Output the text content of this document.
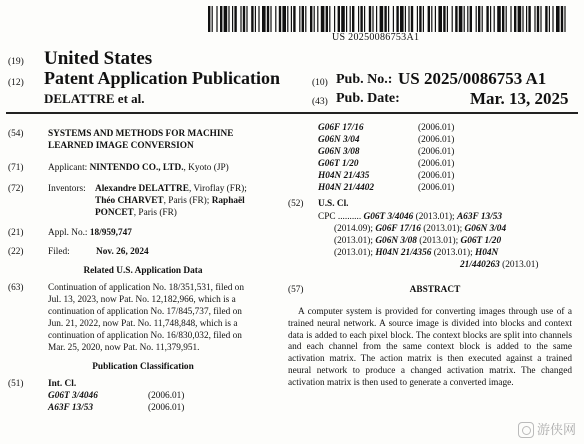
US 20250086753A1
(19) United States
(12) Patent Application Publication
DELATTRE et al.
(10) Pub. No.: US 2025/0086753 A1
(43) Pub. Date:	Mar. 13, 2025
(54)	SYSTEMS AND METHODS FOR MACHINE
LEARNED IMAGE CONVERSION
(71)	Applicant: NINTENDO CO., LTD., Kyoto (JP)
(72)	Inventors: Alexandre DELATTRE, Viroflay (FR);
Théo CHARVET, Paris (FR); Raphaël
PONCET, Paris (FR)
(21)	Appl. No.: 18/959,747
(22)	Filed:	Nov. 26, 2024
Related U.S. Application Data
(63)	Continuation of application No. 18/351,531, filed on
Jul. 13, 2023, now Pat. No. 12,182,966, which is a
continuation of application No. 17/845,737, filed on
Jun. 21, 2022, now Pat. No. 11,748,848, which is a
continuation of application No. 16/830,032, filed on
Mar. 25, 2020, now Pat. No. 11,379,951.
Publication Classification
(51)	Int. Cl.
G06T 3/4046	(2006.01)
A63F 13/53	(2006.01)
G06F 17/16	(2006.01)
G06N 3/04	(2006.01)
G06N 3/08	(2006.01)
G06T 1/20	(2006.01)
H04N 21/435	(2006.01)
H04N 21/4402	(2006.01)
(52) U.S. Cl.
CPC .......... G06T 3/4046 (2013.01); A63F 13/53
(2014.09); G06F 17/16 (2013.01); G06N 3/04
(2013.01); G06N 3/08 (2013.01); G06T 1/20
(2013.01); H04N 21/4356 (2013.01); H04N
21/440263 (2013.01)
(57)	ABSTRACT
A computer system is provided for converting images through use of a trained neural network. A source image is divided into blocks and context data is added to each pixel block. The context blocks are split into channels and each channel from the same context block is added to the same activation matrix. The action matrix is then executed against a trained neural network to produce a changed activation matrix. The changed activation matrix is then used to generate a converted image.
游侠网
